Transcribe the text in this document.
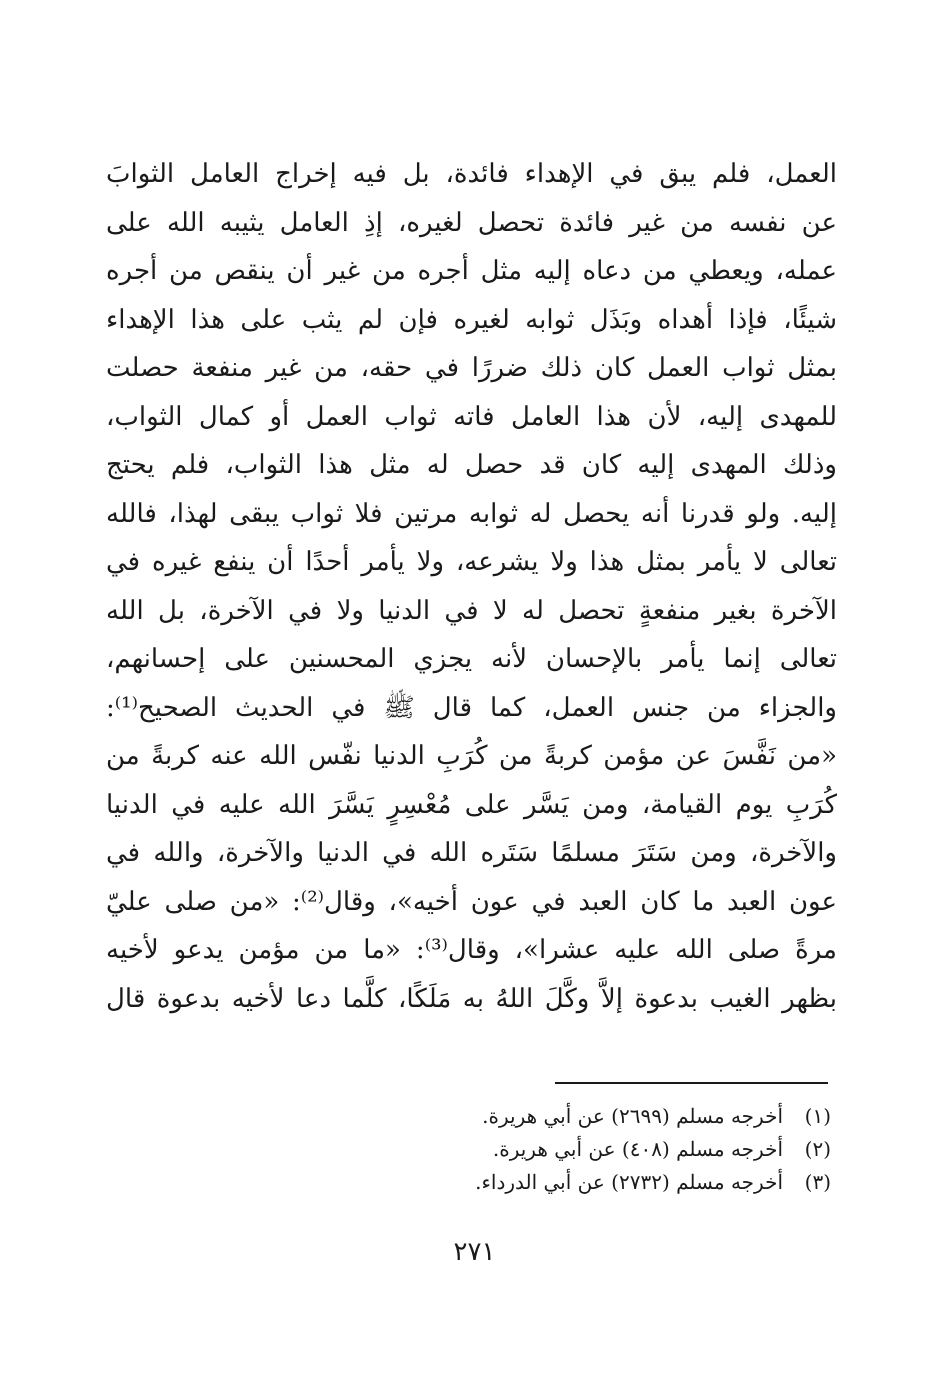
العمل، فلم يبق في الإهداء فائدة، بل فيه إخراج العامل الثوابَ
عن نفسه من غير فائدة تحصل لغيره، إذِ العامل يثيبه الله على
عمله، ويعطي من دعاه إليه مثل أجره من غير أن ينقص من أجره
شيئًا، فإذا أهداه وبَذَل ثوابه لغيره فإن لم يثب على هذا الإهداء
بمثل ثواب العمل كان ذلك ضررًا في حقه، من غير منفعة حصلت
للمهدى إليه، لأن هذا العامل فاته ثواب العمل أو كمال الثواب،
وذلك المهدى إليه كان قد حصل له مثل هذا الثواب، فلم يحتج
إليه. ولو قدرنا أنه يحصل له ثوابه مرتين فلا ثواب يبقى لهذا، فالله
تعالى لا يأمر بمثل هذا ولا يشرعه، ولا يأمر أحدًا أن ينفع غيره في
الآخرة بغير منفعةٍ تحصل له لا في الدنيا ولا في الآخرة، بل الله
تعالى إنما يأمر بالإحسان لأنه يجزي المحسنين على إحسانهم،
والجزاء من جنس العمل، كما قال ﷺ في الحديث الصحيح⁽¹⁾:
«من نَفَّسَ عن مؤمن كربةً من كُرَبِ الدنيا نفّس الله عنه كربةً من
كُرَبِ يوم القيامة، ومن يَسَّر على مُعْسِرٍ يَسَّرَ الله عليه في الدنيا
والآخرة، ومن سَتَرَ مسلمًا سَتَره الله في الدنيا والآخرة، والله في
عون العبد ما كان العبد في عون أخيه»، وقال⁽²⁾: «من صلى عليّ
مرةً صلى الله عليه عشرا»، وقال⁽³⁾: «ما من مؤمن يدعو لأخيه
بظهر الغيب بدعوة إلاَّ وكَّلَ اللهُ به مَلَكًا، كلَّما دعا لأخيه بدعوة قال
(١)أخرجه مسلم (٢٦٩٩) عن أبي هريرة.
(٢)أخرجه مسلم (٤٠٨) عن أبي هريرة.
(٣)أخرجه مسلم (٢٧٣٢) عن أبي الدرداء.
٢٧١
